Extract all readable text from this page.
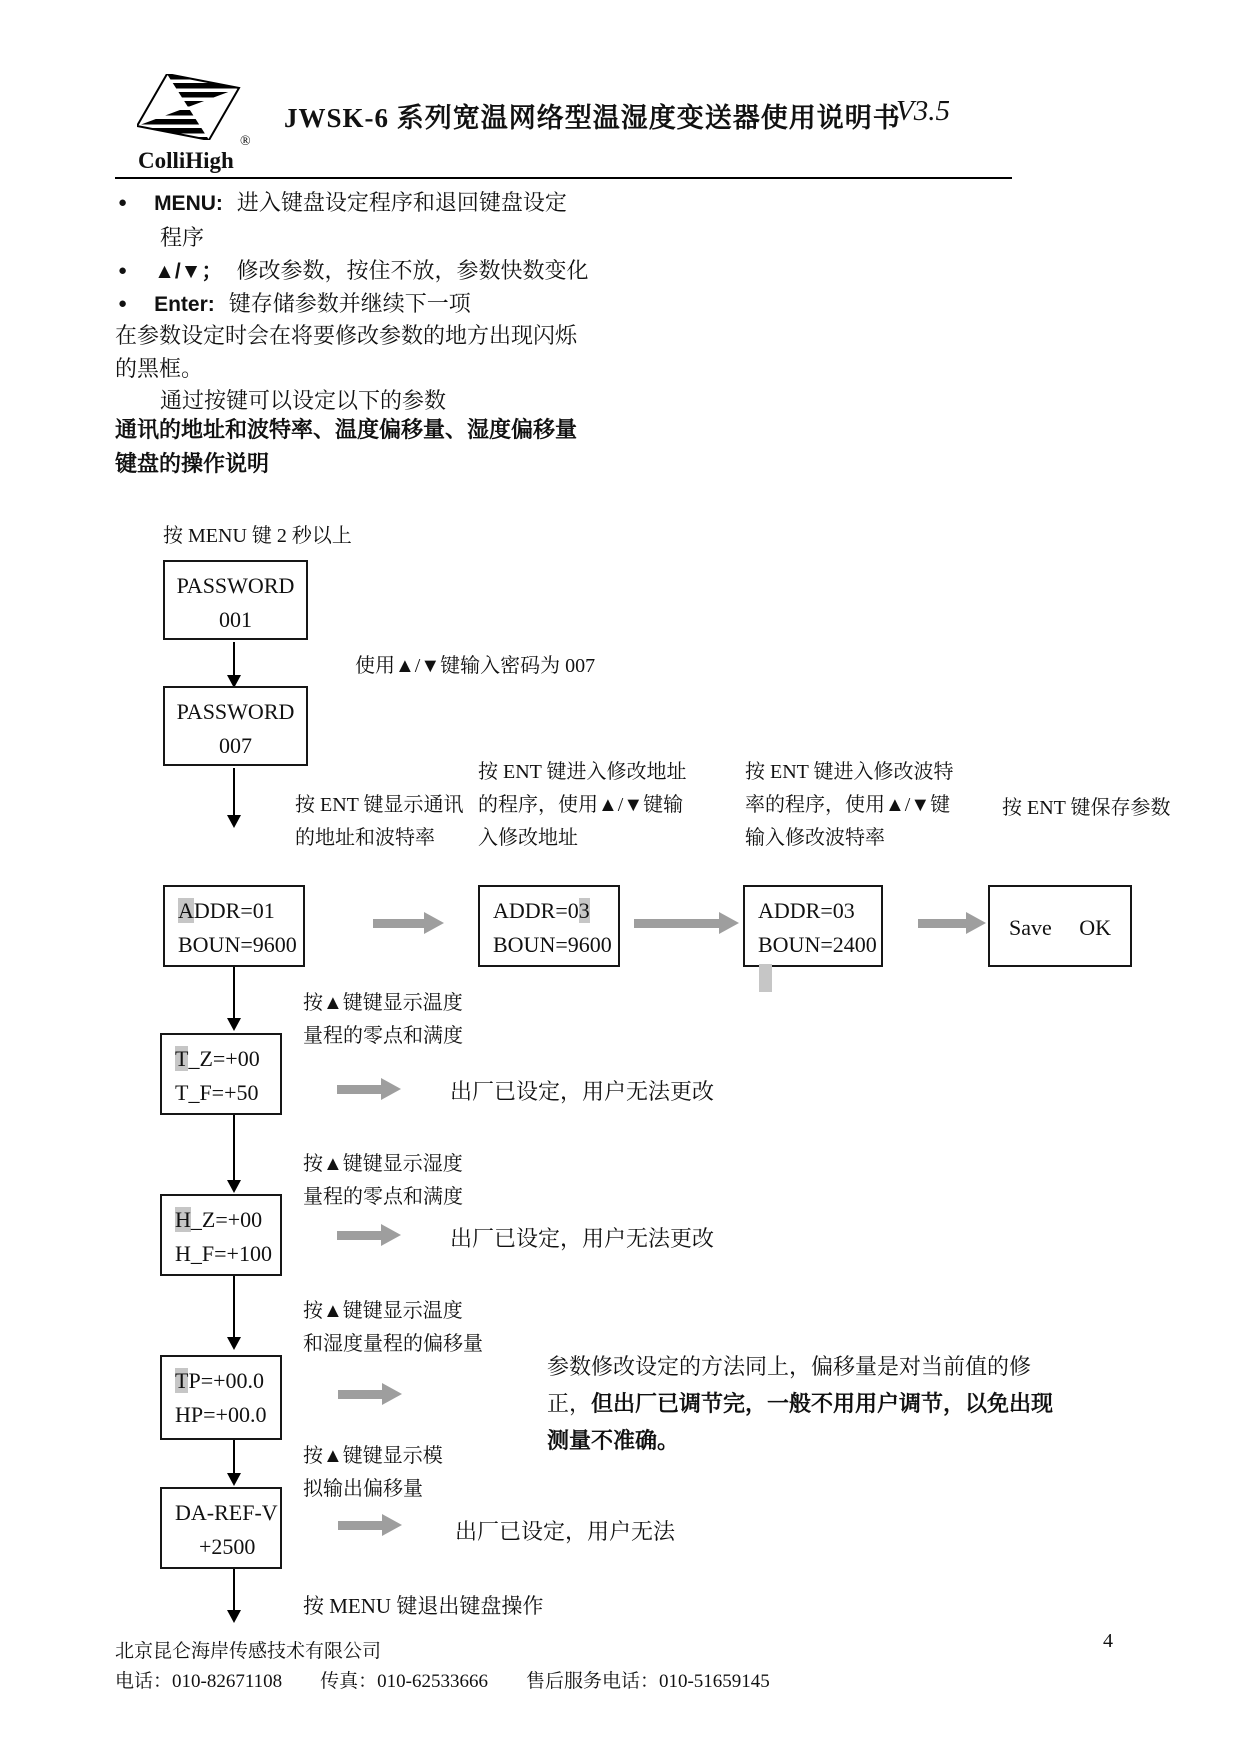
®
ColliHigh
JWSK-6 系列宽温网络型温湿度变送器使用说明书
V3.5
● MENU: 进入键盘设定程序和退回键盘设定
程序
● ▲/▼； 修改参数，按住不放，参数快数变化
● Enter: 键存储参数并继续下一项
在参数设定时会在将要修改参数的地方出现闪烁
的黑框。
通过按键可以设定以下的参数
通讯的地址和波特率、温度偏移量、湿度偏移量
键盘的操作说明
按 MENU 键 2 秒以上
PASSWORD
001
使用▲/▼键输入密码为 007
PASSWORD
007
按 ENT 键显示通讯
的地址和波特率
按 ENT 键进入修改地址
的程序，使用▲/▼键输
入修改地址
按 ENT 键进入修改波特
率的程序，使用▲/▼键
输入修改波特率
按 ENT 键保存参数
ADDR=01
BOUN=9600
ADDR=03
BOUN=9600
ADDR=03
BOUN=2400
Save OK
按▲键键显示温度
量程的零点和满度
T_Z=+00
T_F=+50	出厂已设定，用户无法更改
按▲键键显示湿度
量程的零点和满度
H_Z=+00
H_F=+100
出厂已设定，用户无法更改
按▲键键显示温度
和湿度量程的偏移量
TP=+00.0
HP=+00.0
参数修改设定的方法同上，偏移量是对当前值的修
正，但出厂已调节完，一般不用用户调节，以免出现
测量不准确。
按▲键键显示模
拟输出偏移量
DA-REF-V
+2500
出厂已设定，用户无法
按 MENU 键退出键盘操作
北京昆仑海岸传感技术有限公司
电话：010-82671108　　传真：010-62533666　　售后服务电话：010-51659145
4
